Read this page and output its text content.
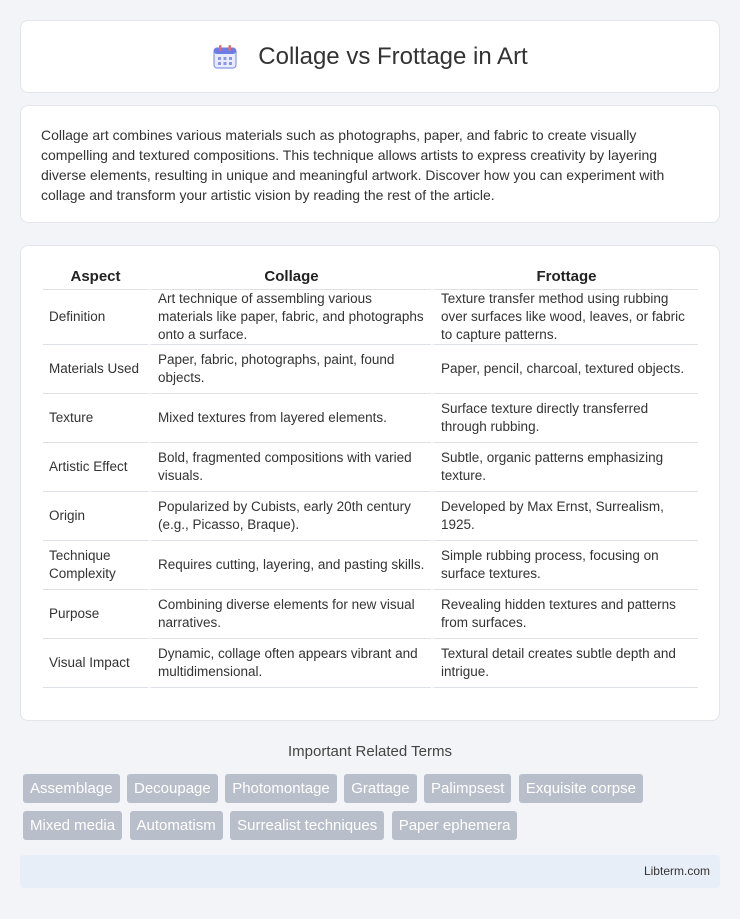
Collage vs Frottage in Art

Collage art combines various materials such as photographs, paper, and fabric to create visually compelling and textured compositions. This technique allows artists to express creativity by layering diverse elements, resulting in unique and meaningful artwork. Discover how you can experiment with collage and transform your artistic vision by reading the rest of the article.

Aspect	Collage	Frottage
Definition	Art technique of assembling various materials like paper, fabric, and photographs onto a surface.	Texture transfer method using rubbing over surfaces like wood, leaves, or fabric to capture patterns.
Materials Used	Paper, fabric, photographs, paint, found objects.	Paper, pencil, charcoal, textured objects.
Texture	Mixed textures from layered elements.	Surface texture directly transferred through rubbing.
Artistic Effect	Bold, fragmented compositions with varied visuals.	Subtle, organic patterns emphasizing texture.
Origin	Popularized by Cubists, early 20th century (e.g., Picasso, Braque).	Developed by Max Ernst, Surrealism, 1925.
Technique Complexity	Requires cutting, layering, and pasting skills.	Simple rubbing process, focusing on surface textures.
Purpose	Combining diverse elements for new visual narratives.	Revealing hidden textures and patterns from surfaces.
Visual Impact	Dynamic, collage often appears vibrant and multidimensional.	Textural detail creates subtle depth and intrigue.
Important Related Terms
Assemblage Decoupage Photomontage Grattage Palimpsest Exquisite corpse Mixed media Automatism Surrealist techniques Paper ephemera
Libterm.com
